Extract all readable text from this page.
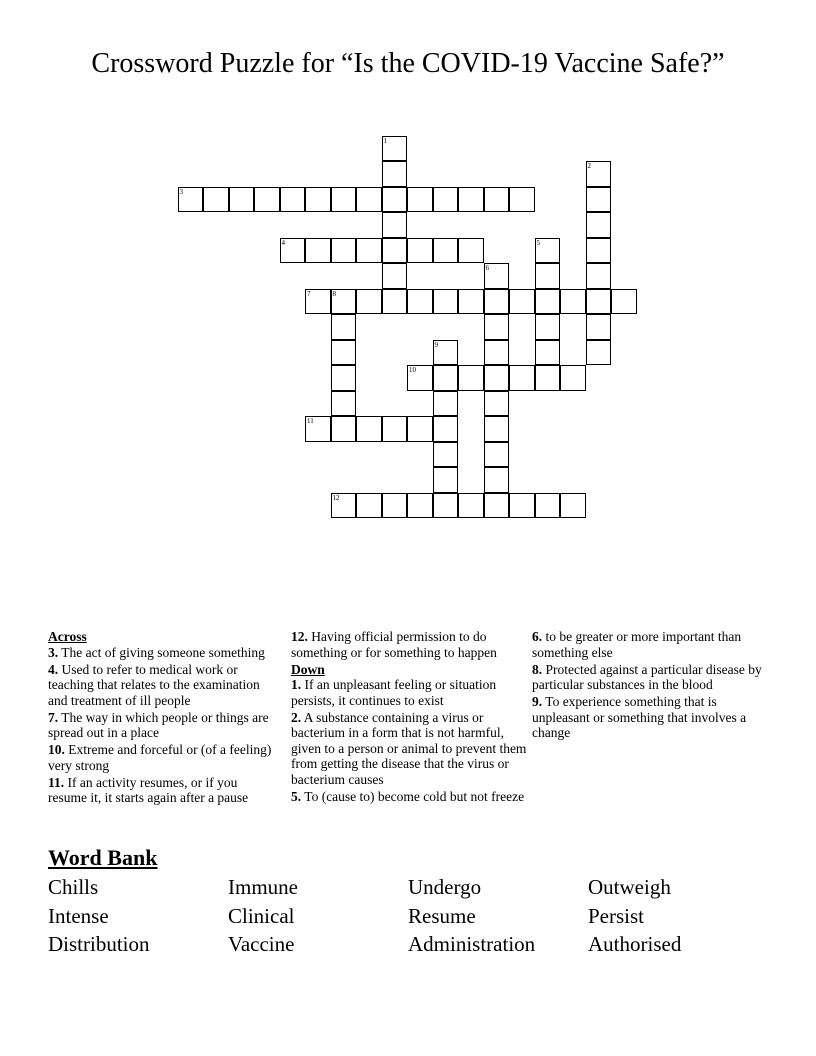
Crossword Puzzle for “Is the COVID-19 Vaccine Safe?”
3
4
7	8
10
11
12
1
2
5
6
9
Across
3. The act of giving someone something
4. Used to refer to medical work or teaching that relates to the examination and treatment of ill people
7. The way in which people or things are spread out in a place
10. Extreme and forceful or (of a feeling) very strong
11. If an activity resumes, or if you resume it, it starts again after a pause
12. Having official permission to do something or for something to happen
Down
1. If an unpleasant feeling or situation persists, it continues to exist
2. A substance containing a virus or bacterium in a form that is not harmful, given to a person or animal to prevent them from getting the disease that the virus or bacterium causes
5. To (cause to) become cold but not freeze
6. to be greater or more important than something else
8. Protected against a particular disease by particular substances in the blood
9. To experience something that is unpleasant or something that involves a change
Word Bank
Chills	Immune	Undergo	Outweigh
Intense	Clinical	Resume	Persist
Distribution	Vaccine	Administration	Authorised
